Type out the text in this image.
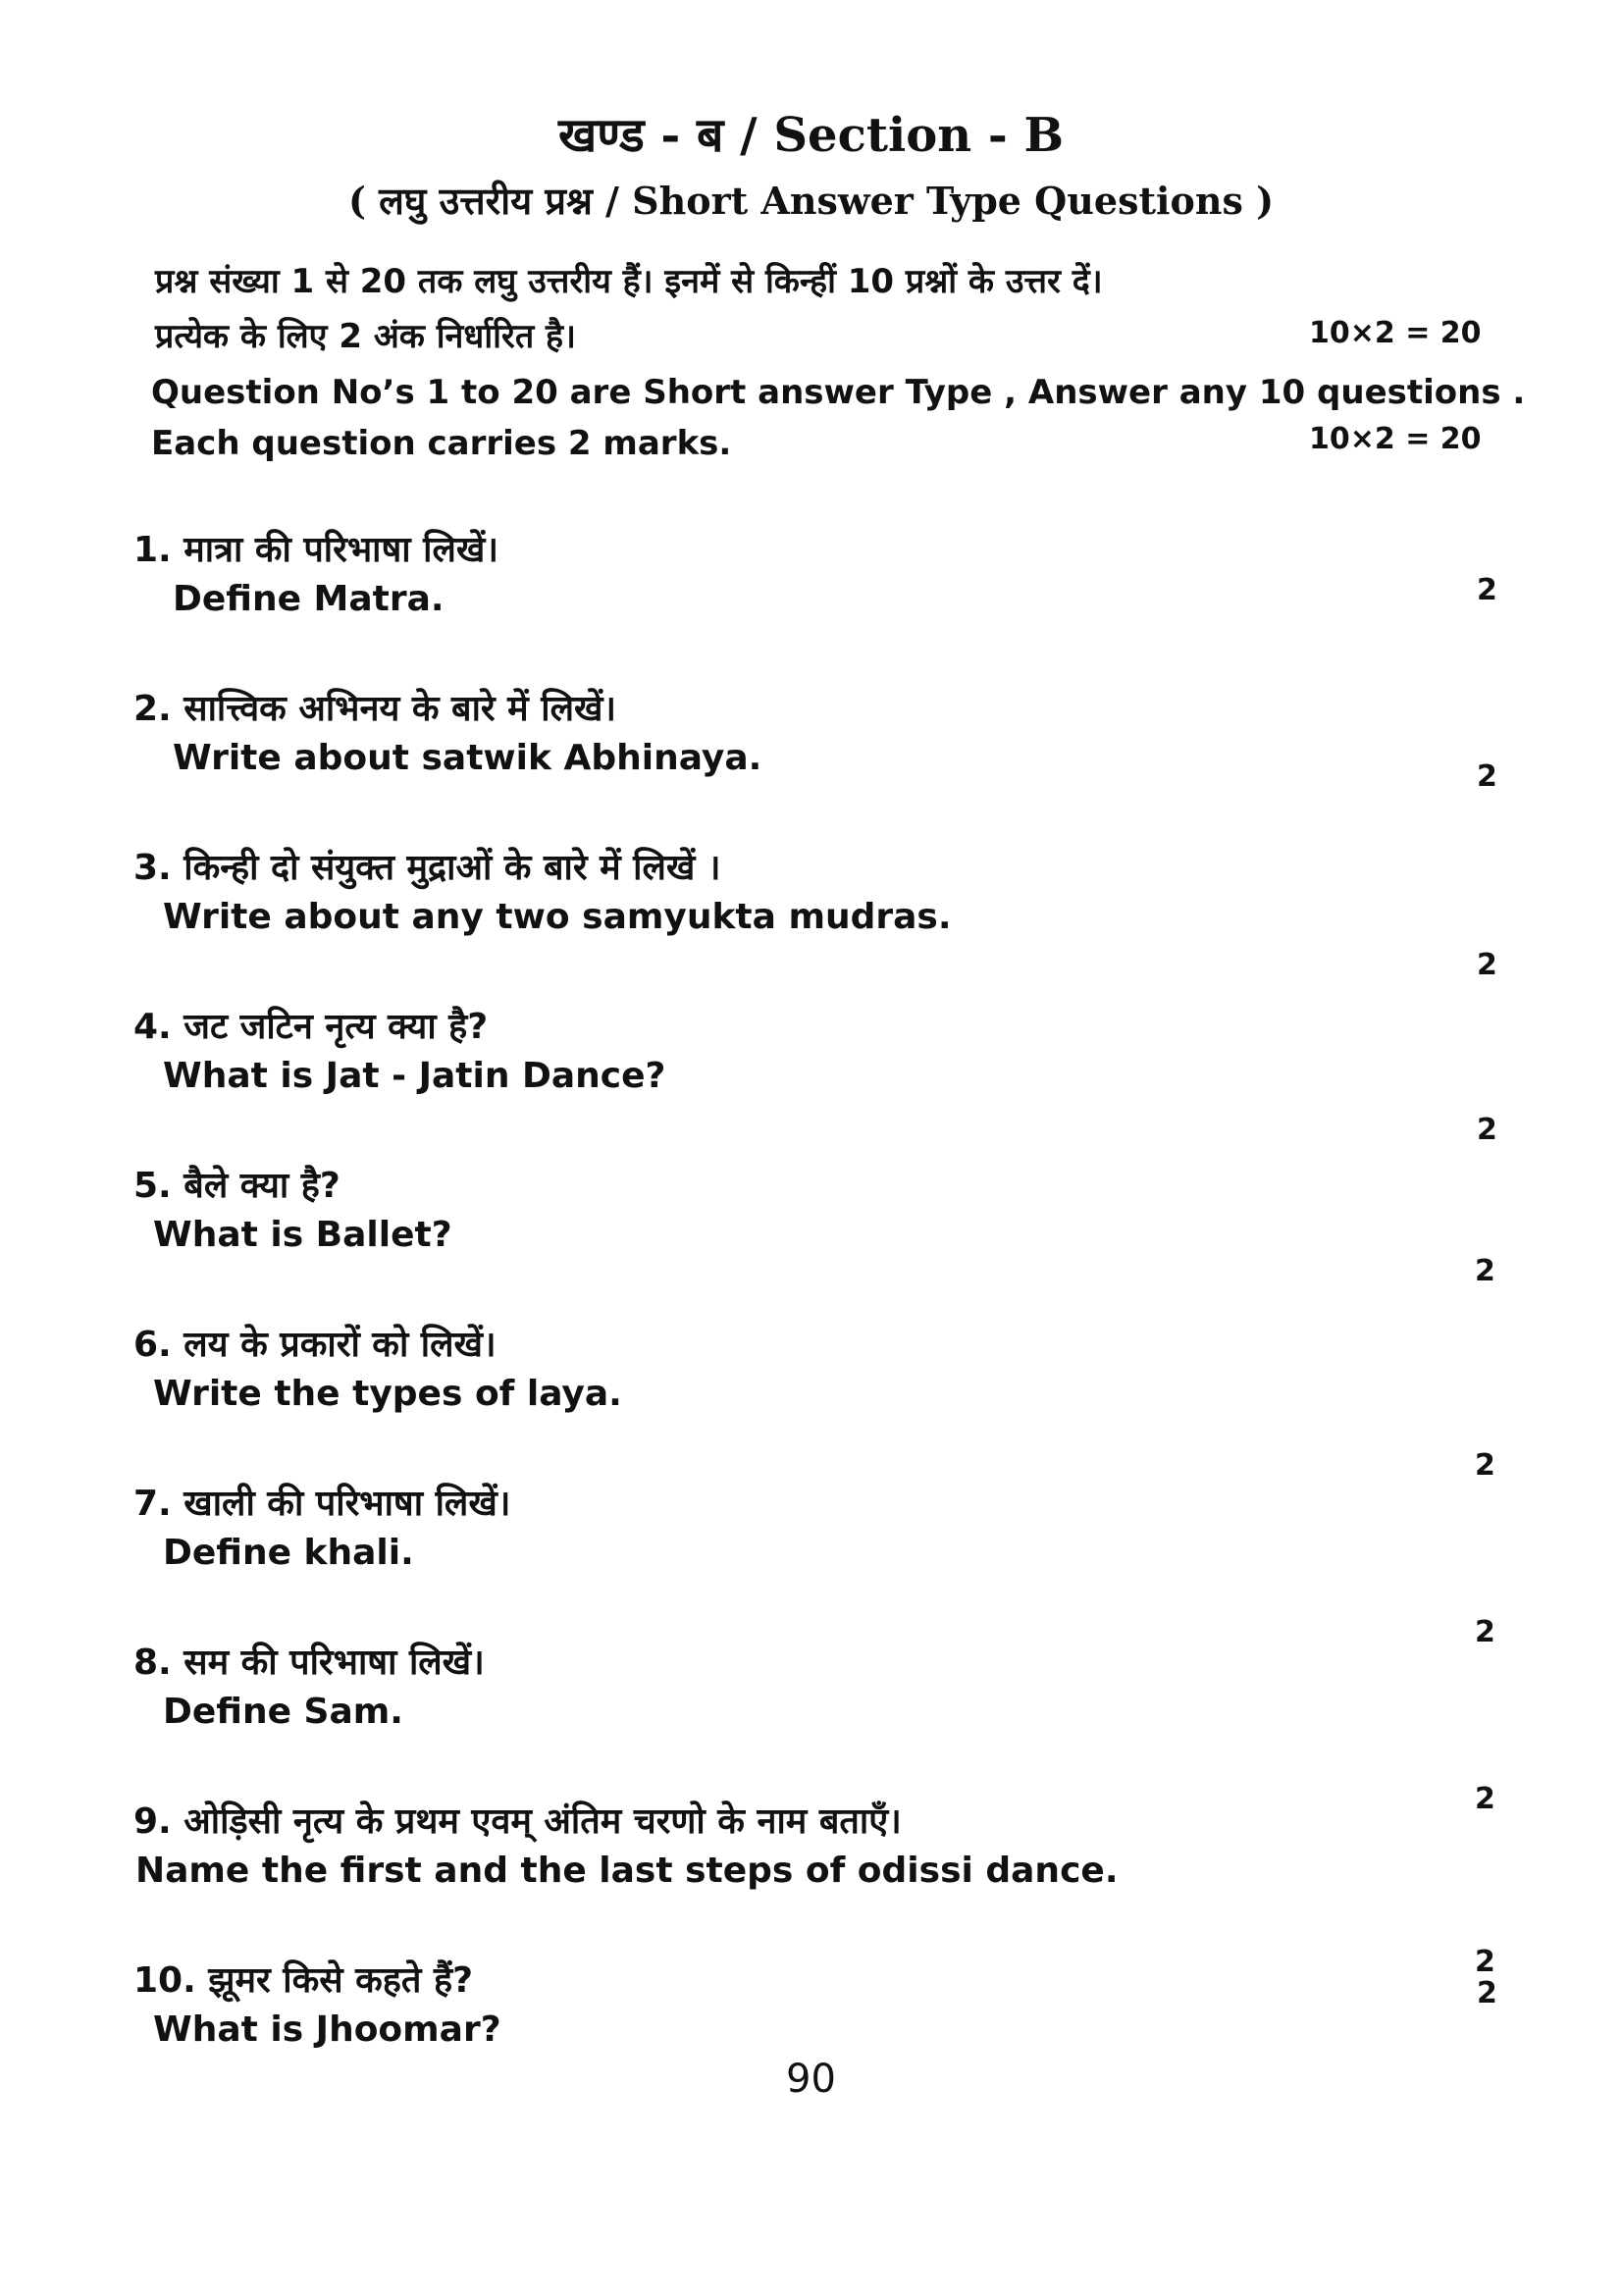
खण्ड - ब / Section - B
( लघु उत्तरीय प्रश्न / Short Answer Type Questions )
प्रश्न संख्या 1 से 20 तक लघु उत्तरीय हैं। इनमें से किन्हीं 10 प्रश्नों के उत्तर दें।
प्रत्येक के लिए 2 अंक निर्धारित है।	10×2 = 20
Question No’s 1 to 20 are Short answer Type , Answer any 10 questions .
Each question carries 2 marks.	10×2 = 20
1. मात्रा की परिभाषा लिखें।
Define Matra.	2
2. सात्त्विक अभिनय के बारे में लिखें।
Write about satwik Abhinaya.	2
3. किन्ही दो संयुक्त मुद्राओं के बारे में लिखें ।
Write about any two samyukta mudras.
2
4. जट जटिन नृत्य क्या है?
What is Jat - Jatin Dance?
2
5. बैले क्या है?
What is Ballet?
2
6. लय के प्रकारों को लिखें।
Write the types of laya.
2
7. खाली की परिभाषा लिखें।
Define khali.
2
8. सम की परिभाषा लिखें।
Define Sam.
2
9. ओड़िसी नृत्य के प्रथम एवम् अंतिम चरणो के नाम बताएँ।
Name the first and the last steps of odissi dance.
2
10. झूमर किसे कहते हैं?
What is Jhoomar?
2
90
